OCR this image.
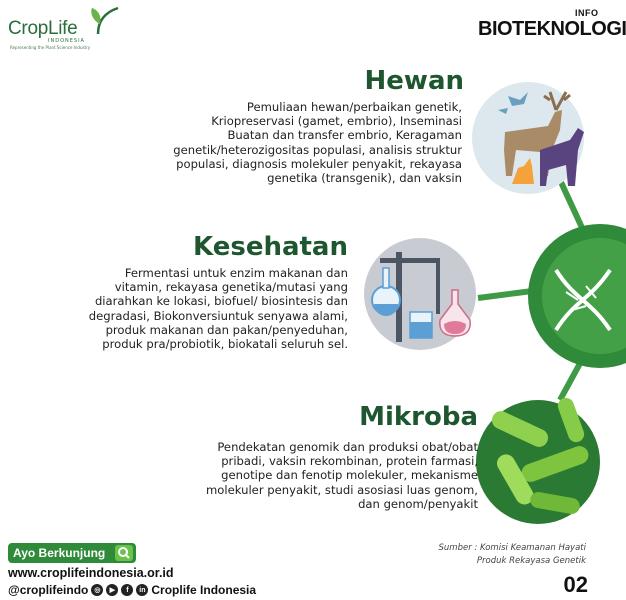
CropLife
INDONESIA
Representing the Plant Science Industry
INFO
BIOTEKNOLOGI
Hewan
Pemuliaan hewan/perbaikan genetik,
Kriopreservasi (gamet, embrio), Inseminasi
Buatan dan transfer embrio, Keragaman
genetik/heterozigositas populasi, analisis struktur
populasi, diagnosis molekuler penyakit, rekayasa
genetika (transgenik), dan vaksin
Kesehatan
Fermentasi untuk enzim makanan dan
vitamin, rekayasa genetika/mutasi yang
diarahkan ke lokasi, biofuel/ biosintesis dan
degradasi, Biokonversiuntuk senyawa alami,
produk makanan dan pakan/penyeduhan,
produk pra/probiotik, biokatali seluruh sel.
Mikroba
Pendekatan genomik dan produksi obat/obat
pribadi, vaksin rekombinan, protein farmasi,
genotipe dan fenotip molekuler, mekanisme
molekuler penyakit, studi asosiasi luas genom,
dan genom/penyakit
Ayo Berkunjung
www.croplifeindonesia.or.id
@croplifeindo ◎	▶	f	in Croplife Indonesia
Sumber : Komisi Keamanan Hayati
Produk Rekayasa Genetik
02
